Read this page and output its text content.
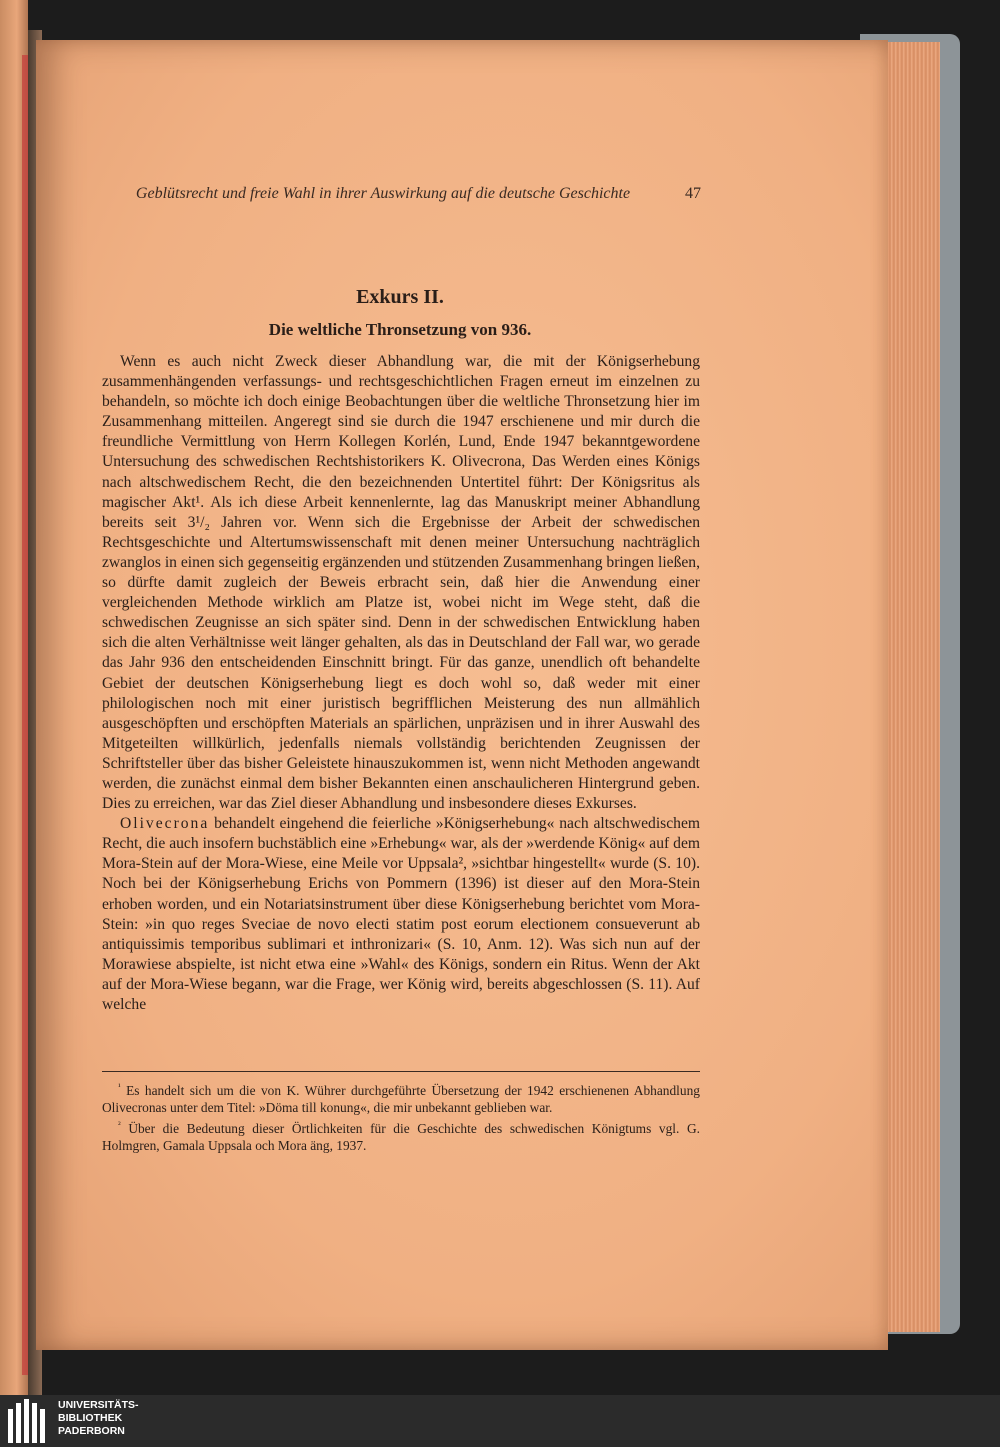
Geblütsrecht und freie Wahl in ihrer Auswirkung auf die deutsche Geschichte	47
Exkurs II.
Die weltliche Thronsetzung von 936.

Wenn es auch nicht Zweck dieser Abhandlung war, die mit der Königserhebung zusammenhängenden verfassungs- und rechtsgeschichtlichen Fragen erneut im einzelnen zu behandeln, so möchte ich doch einige Beobachtungen über die weltliche Thronsetzung hier im Zusammenhang mitteilen. Angeregt sind sie durch die 1947 erschienene und mir durch die freundliche Vermittlung von Herrn Kollegen Korlén, Lund, Ende 1947 bekanntgewordene Untersuchung des schwedischen Rechtshistorikers K. Olivecrona, Das Werden eines Königs nach altschwedischem Recht, die den bezeichnenden Untertitel führt: Der Königsritus als magischer Akt¹. Als ich diese Arbeit kennenlernte, lag das Manuskript meiner Abhandlung bereits seit 3¹/₂ Jahren vor. Wenn sich die Ergebnisse der Arbeit der schwedischen Rechtsgeschichte und Altertumswissenschaft mit denen meiner Untersuchung nachträglich zwanglos in einen sich gegenseitig ergänzenden und stützenden Zusammenhang bringen ließen, so dürfte damit zugleich der Beweis erbracht sein, daß hier die Anwendung einer vergleichenden Methode wirklich am Platze ist, wobei nicht im Wege steht, daß die schwedischen Zeugnisse an sich später sind. Denn in der schwedischen Entwicklung haben sich die alten Verhältnisse weit länger gehalten, als das in Deutschland der Fall war, wo gerade das Jahr 936 den entscheidenden Einschnitt bringt. Für das ganze, unendlich oft behandelte Gebiet der deutschen Königserhebung liegt es doch wohl so, daß weder mit einer philologischen noch mit einer juristisch begrifflichen Meisterung des nun allmählich ausgeschöpften und erschöpften Materials an spärlichen, unpräzisen und in ihrer Auswahl des Mitgeteilten willkürlich, jedenfalls niemals vollständig berichtenden Zeugnissen der Schriftsteller über das bisher Geleistete hinauszukommen ist, wenn nicht Methoden angewandt werden, die zunächst einmal dem bisher Bekannten einen anschaulicheren Hintergrund geben. Dies zu erreichen, war das Ziel dieser Abhandlung und insbesondere dieses Exkurses.

Olivecrona behandelt eingehend die feierliche »Königserhebung« nach altschwedischem Recht, die auch insofern buchstäblich eine »Erhebung« war, als der »werdende König« auf dem Mora-Stein auf der Mora-Wiese, eine Meile vor Uppsala², »sichtbar hingestellt« wurde (S. 10). Noch bei der Königserhebung Erichs von Pommern (1396) ist dieser auf den Mora-Stein erhoben worden, und ein Notariatsinstrument über diese Königserhebung berichtet vom Mora-Stein: »in quo reges Sveciae de novo electi statim post eorum electionem consueverunt ab antiquissimis temporibus sublimari et inthronizari« (S. 10, Anm. 12). Was sich nun auf der Morawiese abspielte, ist nicht etwa eine »Wahl« des Königs, sondern ein Ritus. Wenn der Akt auf der Mora-Wiese begann, war die Frage, wer König wird, bereits abgeschlossen (S. 11). Auf welche

$^{^1}$ Es handelt sich um die von K. Wührer durchgeführte Übersetzung der 1942 erschienenen Abhandlung Olivecronas unter dem Titel: »Döma till konung«, die mir unbekannt geblieben war.

$^{^2}$ Über die Bedeutung dieser Örtlichkeiten für die Geschichte des schwedischen Königtums vgl. G. Holmgren, Gamala Uppsala och Mora äng, 1937.

UNIVERSITÄTS-
BIBLIOTHEK
PADERBORN
